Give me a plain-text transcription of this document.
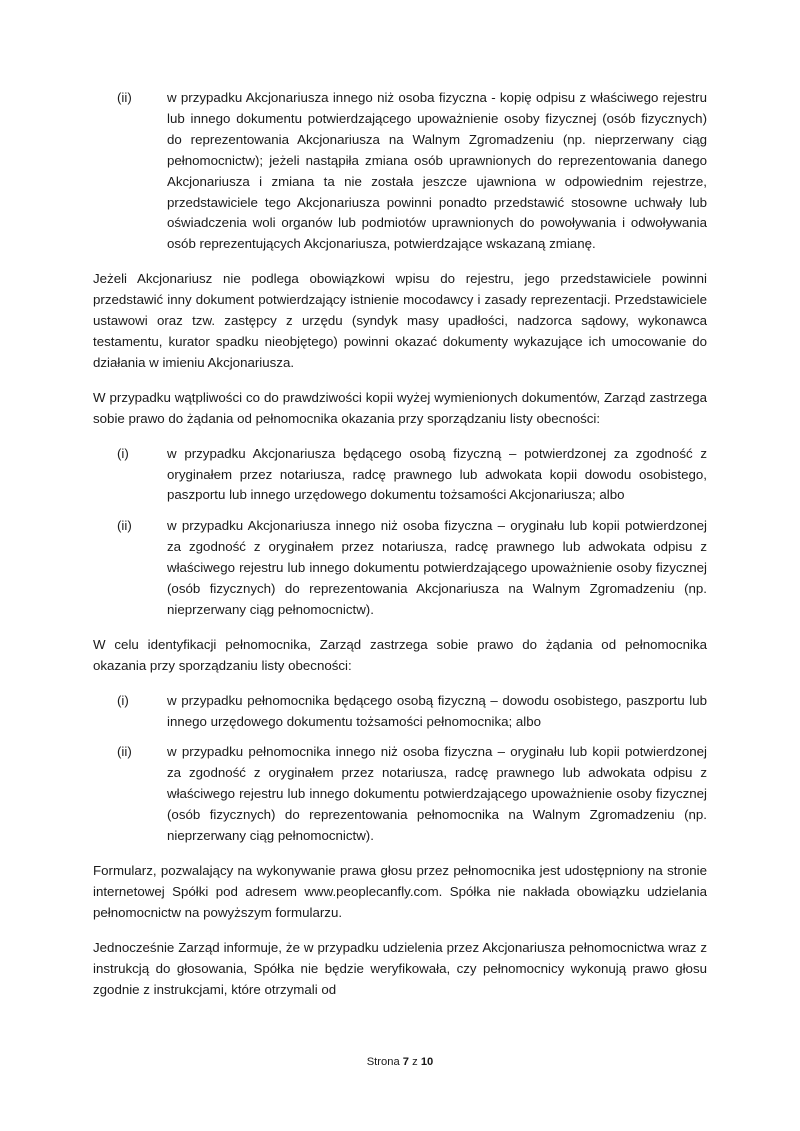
(ii)	w przypadku Akcjonariusza innego niż osoba fizyczna - kopię odpisu z właściwego rejestru lub innego dokumentu potwierdzającego upoważnienie osoby fizycznej (osób fizycznych) do reprezentowania Akcjonariusza na Walnym Zgromadzeniu (np. nieprzerwany ciąg pełnomocnictw); jeżeli nastąpiła zmiana osób uprawnionych do reprezentowania danego Akcjonariusza i zmiana ta nie została jeszcze ujawniona w odpowiednim rejestrze, przedstawiciele tego Akcjonariusza powinni ponadto przedstawić stosowne uchwały lub oświadczenia woli organów lub podmiotów uprawnionych do powoływania i odwoływania osób reprezentujących Akcjonariusza, potwierdzające wskazaną zmianę.

Jeżeli Akcjonariusz nie podlega obowiązkowi wpisu do rejestru, jego przedstawiciele powinni przedstawić inny dokument potwierdzający istnienie mocodawcy i zasady reprezentacji. Przedstawiciele ustawowi oraz tzw. zastępcy z urzędu (syndyk masy upadłości, nadzorca sądowy, wykonawca testamentu, kurator spadku nieobjętego) powinni okazać dokumenty wykazujące ich umocowanie do działania w imieniu Akcjonariusza.

W przypadku wątpliwości co do prawdziwości kopii wyżej wymienionych dokumentów, Zarząd zastrzega sobie prawo do żądania od pełnomocnika okazania przy sporządzaniu listy obecności:

(i)	w przypadku Akcjonariusza będącego osobą fizyczną – potwierdzonej za zgodność z oryginałem przez notariusza, radcę prawnego lub adwokata kopii dowodu osobistego, paszportu lub innego urzędowego dokumentu tożsamości Akcjonariusza; albo
(ii)	w przypadku Akcjonariusza innego niż osoba fizyczna – oryginału lub kopii potwierdzonej za zgodność z oryginałem przez notariusza, radcę prawnego lub adwokata odpisu z właściwego rejestru lub innego dokumentu potwierdzającego upoważnienie osoby fizycznej (osób fizycznych) do reprezentowania Akcjonariusza na Walnym Zgromadzeniu (np. nieprzerwany ciąg pełnomocnictw).

W celu identyfikacji pełnomocnika, Zarząd zastrzega sobie prawo do żądania od pełnomocnika okazania przy sporządzaniu listy obecności:

(i)	w przypadku pełnomocnika będącego osobą fizyczną – dowodu osobistego, paszportu lub innego urzędowego dokumentu tożsamości pełnomocnika; albo
(ii)	w przypadku pełnomocnika innego niż osoba fizyczna – oryginału lub kopii potwierdzonej za zgodność z oryginałem przez notariusza, radcę prawnego lub adwokata odpisu z właściwego rejestru lub innego dokumentu potwierdzającego upoważnienie osoby fizycznej (osób fizycznych) do reprezentowania pełnomocnika na Walnym Zgromadzeniu (np. nieprzerwany ciąg pełnomocnictw).

Formularz, pozwalający na wykonywanie prawa głosu przez pełnomocnika jest udostępniony na stronie internetowej Spółki pod adresem www.peoplecanfly.com. Spółka nie nakłada obowiązku udzielania pełnomocnictw na powyższym formularzu.

Jednocześnie Zarząd informuje, że w przypadku udzielenia przez Akcjonariusza pełnomocnictwa wraz z instrukcją do głosowania, Spółka nie będzie weryfikowała, czy pełnomocnicy wykonują prawo głosu zgodnie z instrukcjami, które otrzymali od

Strona 7 z 10
